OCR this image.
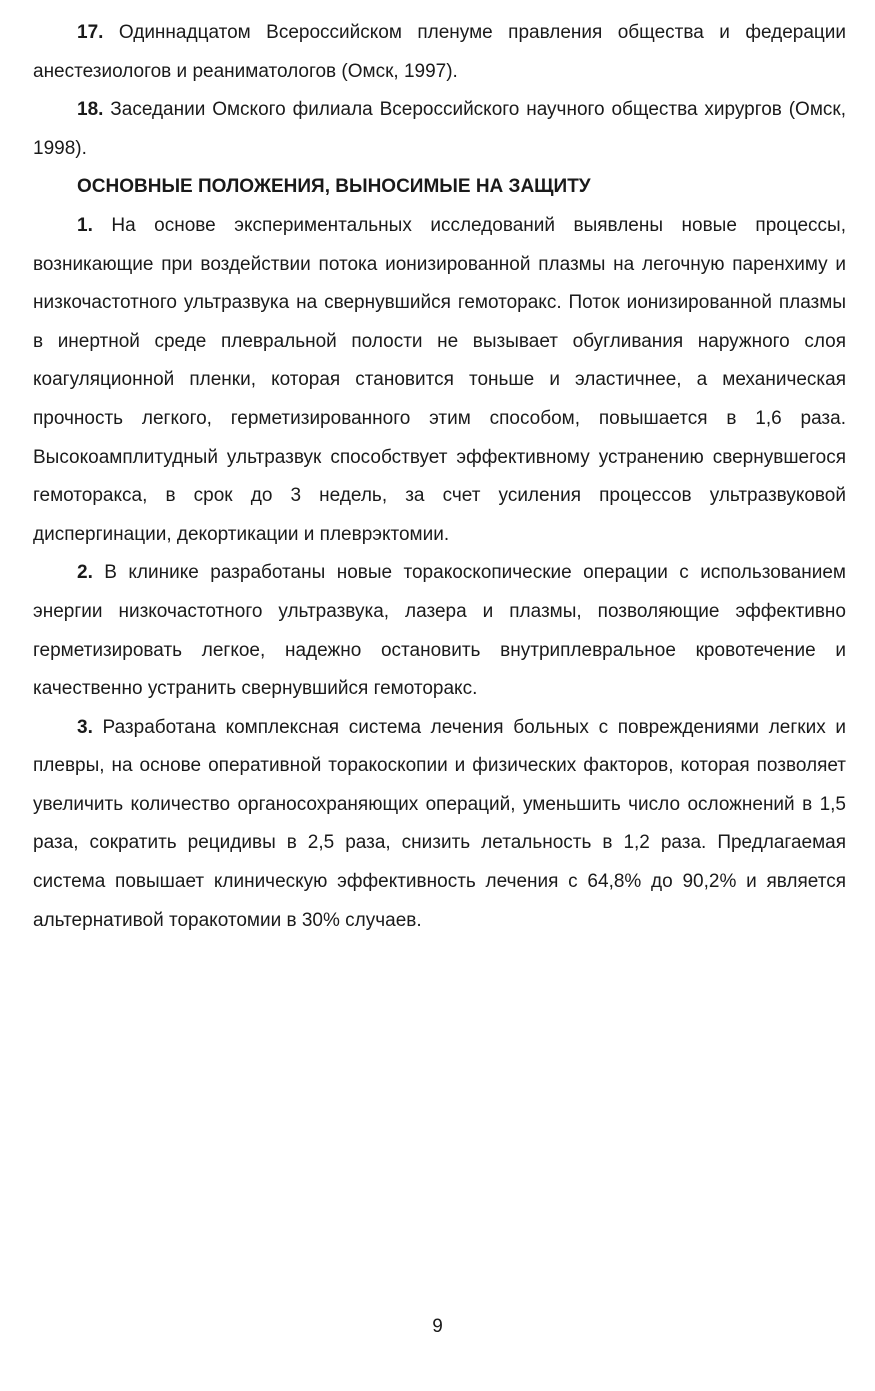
17. Одиннадцатом Всероссийском пленуме правления общества и федерации анестезиологов и реаниматологов (Омск, 1997).

18. Заседании Омского филиала Всероссийского научного общества хирургов (Омск, 1998).

ОСНОВНЫЕ ПОЛОЖЕНИЯ, ВЫНОСИМЫЕ НА ЗАЩИТУ

1. На основе экспериментальных исследований выявлены новые процессы, возникающие при воздействии потока ионизированной плазмы на легочную паренхиму и низкочастотного ультразвука на свернувшийся гемоторакс. Поток ионизированной плазмы в инертной среде плевральной полости не вызывает обугливания наружного слоя коагуляционной пленки, которая становится тоньше и эластичнее, а механическая прочность легкого, герметизированного этим способом, повышается в 1,6 раза. Высокоамплитудный ультразвук способствует эффективному устранению свернувшегося гемоторакса, в срок до 3 недель, за счет усиления процессов ультразвуковой диспергинации, декортикации и плеврэктомии.

2. В клинике разработаны новые торакоскопические операции с использованием энергии низкочастотного ультразвука, лазера и плазмы, позволяющие эффективно герметизировать легкое, надежно остановить внутриплевральное кровотечение и качественно устранить свернувшийся гемоторакс.

3. Разработана комплексная система лечения больных с повреждениями легких и плевры, на основе оперативной торакоскопии и физических факторов, которая позволяет увеличить количество органосохраняющих операций, уменьшить число осложнений в 1,5 раза, сократить рецидивы в 2,5 раза, снизить летальность в 1,2 раза. Предлагаемая система повышает клиническую эффективность лечения с 64,8% до 90,2% и является альтернативой торакотомии в 30% случаев.

9
